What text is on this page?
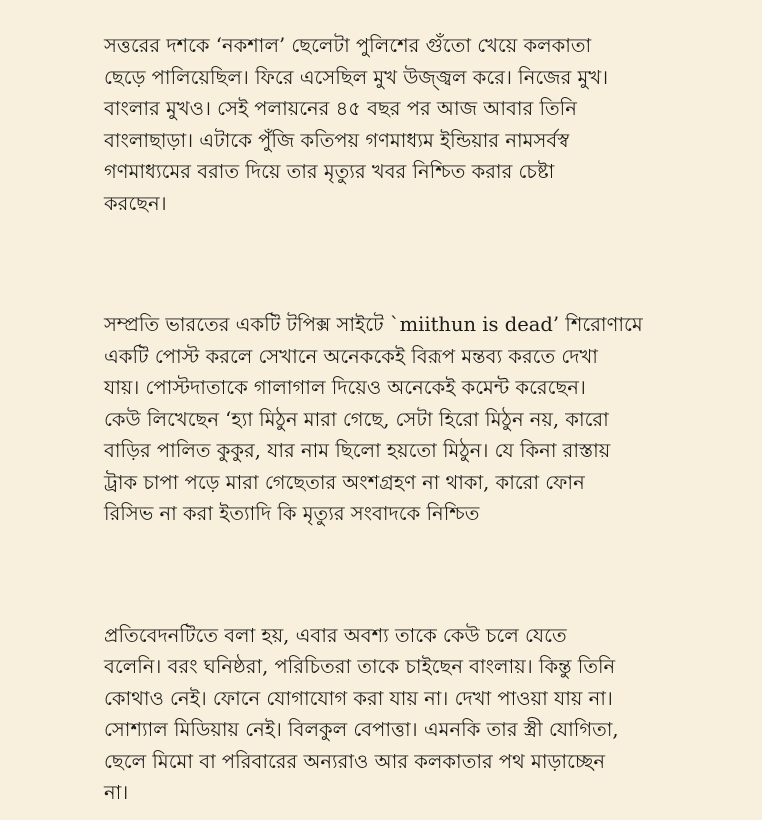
সত্তরের দশকে ‘নকশাল’ ছেলেটা পুলিশের গুঁতো খেয়ে কলকাতা
ছেড়ে পালিয়েছিল। ফিরে এসেছিল মুখ উজ্জ্বল করে। নিজের মুখ।
বাংলার মুখও। সেই পলায়নের ৪৫ বছর পর আজ আবার তিনি
বাংলাছাড়া। এটাকে পুঁজি কতিপয় গণমাধ্যম ইন্ডিয়ার নামসর্বস্ব
গণমাধ্যমের বরাত দিয়ে তার মৃত্যুর খবর নিশ্চিত করার চেষ্টা
করছেন।

সম্প্রতি ভারতের একটি টপিক্স সাইটে `miithun is dead’ শিরোণামে
একটি পোস্ট করলে সেখানে অনেককেই বিরূপ মন্তব্য করতে দেখা
যায়। পোস্টদাতাকে গালাগাল দিয়েও অনেকেই কমেন্ট করেছেন।
কেউ লিখেছেন ‘হ্যা মিঠুন মারা গেছে, সেটা হিরো মিঠুন নয়, কারো
বাড়ির পালিত কুকুর, যার নাম ছিলো হয়তো মিঠুন। যে কিনা রাস্তায়
ট্রাক চাপা পড়ে মারা গেছেতার অংশগ্রহণ না থাকা, কারো ফোন
রিসিভ না করা ইত্যাদি কি মৃত্যুর সংবাদকে নিশ্চিত

প্রতিবেদনটিতে বলা হয়, এবার অবশ্য তাকে কেউ চলে যেতে
বলেনি। বরং ঘনিষ্ঠরা, পরিচিতরা তাকে চাইছেন বাংলায়। কিন্তু তিনি
কোথাও নেই। ফোনে যোগাযোগ করা যায় না। দেখা পাওয়া যায় না।
সোশ্যাল মিডিয়ায় নেই। বিলকুল বেপাত্তা। এমনকি তার স্ত্রী যোগিতা,
ছেলে মিমো বা পরিবারের অন্যরাও আর কলকাতার পথ মাড়াচ্ছেন
না।
